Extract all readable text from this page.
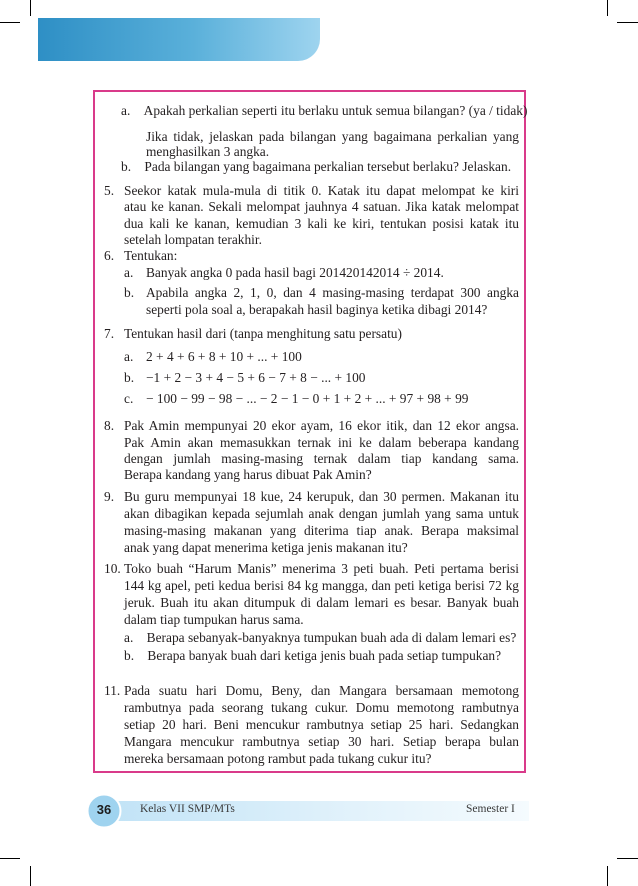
a. Apakah perkalian seperti itu berlaku untuk semua bilangan? (ya / tidak)
Jika tidak, jelaskan pada bilangan yang bagaimana perkalian yang
menghasilkan 3 angka.
b. Pada bilangan yang bagaimana perkalian tersebut berlaku? Jelaskan.
5. Seekor katak mula-mula di titik 0. Katak itu dapat melompat ke kiri
atau ke kanan. Sekali melompat jauhnya 4 satuan. Jika katak melompat
dua kali ke kanan, kemudian 3 kali ke kiri, tentukan posisi katak itu
setelah lompatan terakhir.
6. Tentukan:
a. Banyak angka 0 pada hasil bagi 201420142014 ÷ 2014.
b. Apabila angka 2, 1, 0, dan 4 masing-masing terdapat 300 angka
seperti pola soal a, berapakah hasil baginya ketika dibagi 2014?
7. Tentukan hasil dari (tanpa menghitung satu persatu)
a. 2 + 4 + 6 + 8 + 10 + ... + 100
b. −1 + 2 − 3 + 4 − 5 + 6 − 7 + 8 − ... + 100
c. − 100 − 99 − 98 − ... − 2 − 1 − 0 + 1 + 2 + ... + 97 + 98 + 99
8. Pak Amin mempunyai 20 ekor ayam, 16 ekor itik, dan 12 ekor angsa.
Pak Amin akan memasukkan ternak ini ke dalam beberapa kandang
dengan jumlah masing-masing ternak dalam tiap kandang sama.
Berapa kandang yang harus dibuat Pak Amin?
9. Bu guru mempunyai 18 kue, 24 kerupuk, dan 30 permen. Makanan itu
akan dibagikan kepada sejumlah anak dengan jumlah yang sama untuk
masing-masing makanan yang diterima tiap anak. Berapa maksimal
anak yang dapat menerima ketiga jenis makanan itu?
10. Toko buah “Harum Manis” menerima 3 peti buah. Peti pertama berisi
144 kg apel, peti kedua berisi 84 kg mangga, dan peti ketiga berisi 72 kg
jeruk. Buah itu akan ditumpuk di dalam lemari es besar. Banyak buah
dalam tiap tumpukan harus sama.
a. Berapa sebanyak-banyaknya tumpukan buah ada di dalam lemari es?
b. Berapa banyak buah dari ketiga jenis buah pada setiap tumpukan?
11. Pada suatu hari Domu, Beny, dan Mangara bersamaan memotong
rambutnya pada seorang tukang cukur. Domu memotong rambutnya
setiap 20 hari. Beni mencukur rambutnya setiap 25 hari. Sedangkan
Mangara mencukur rambutnya setiap 30 hari. Setiap berapa bulan
mereka bersamaan potong rambut pada tukang cukur itu?
36	Kelas VII SMP/MTs	Semester I
